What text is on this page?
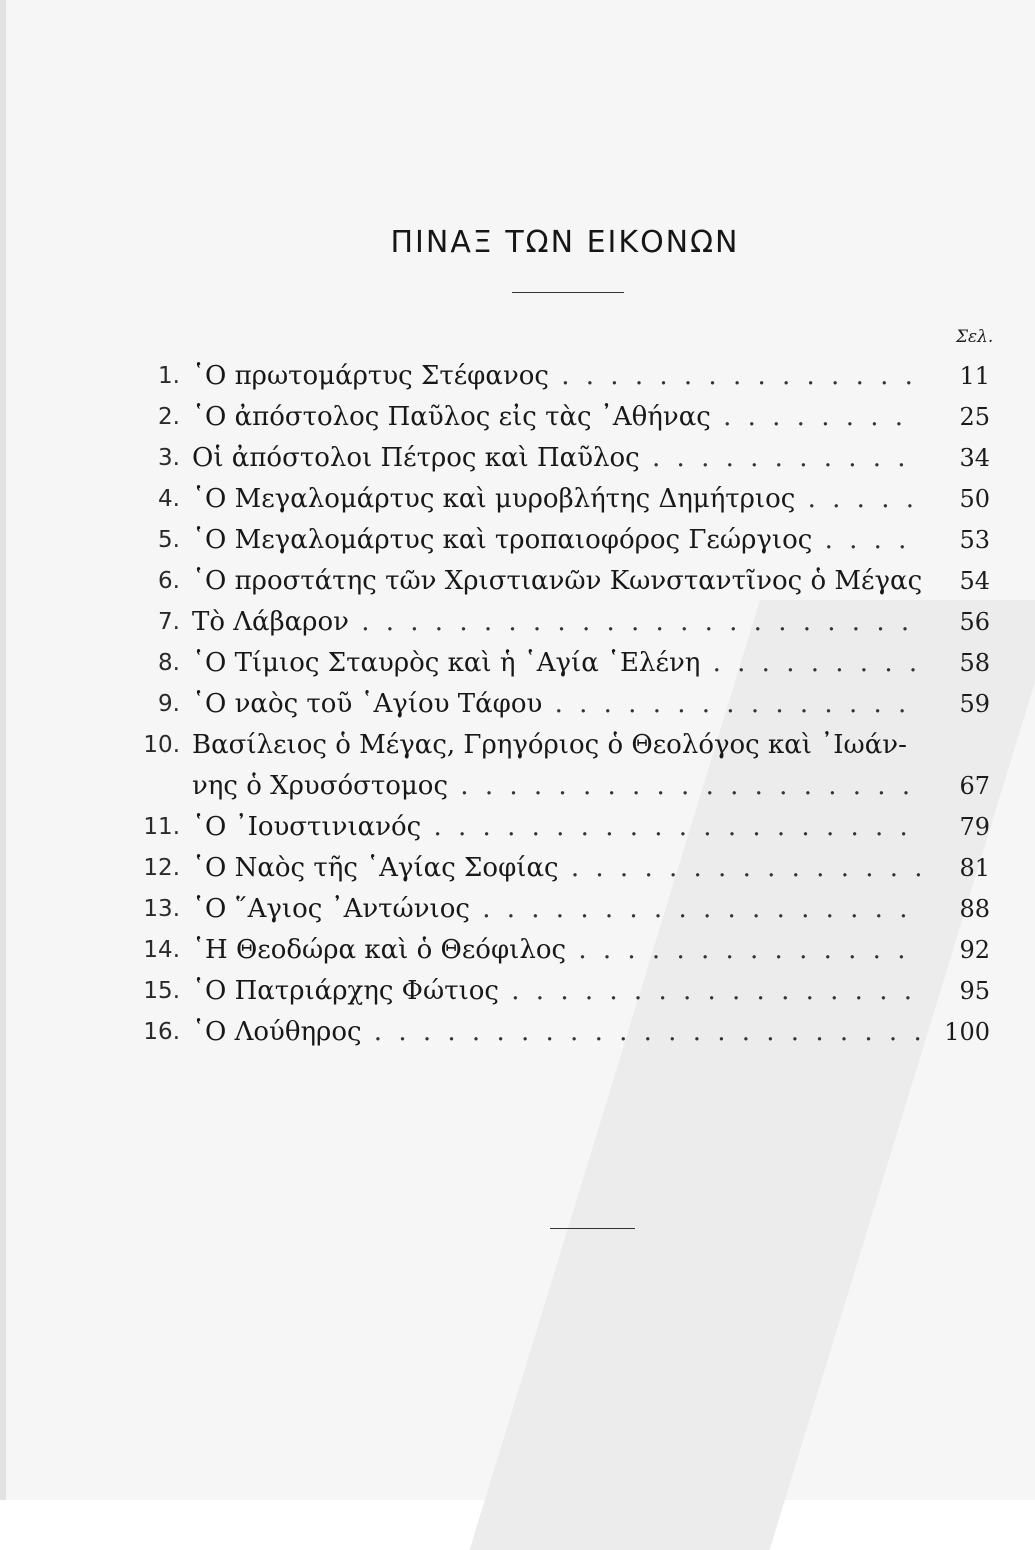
ΠΙΝΑΞ ΤΩΝ ΕΙΚΟΝΩΝ
Σελ.
1. ῾Ο πρωτομάρτυς Στέφανος . . .	11
2. ῾Ο ἀπόστολος Παῦλος εἰς τὰς ᾿Αθήνας . . .	25
3. Οἱ ἀπόστολοι Πέτρος καὶ Παῦλος . . .	34
4. ῾Ο Μεγαλομάρτυς καὶ μυροβλήτης Δημήτριος . . .	50
5. ῾Ο Μεγαλομάρτυς καὶ τροπαιοφόρος Γεώργιος . . .	53
6. ῾Ο προστάτης τῶν Χριστιανῶν Κωνσταντῖνος ὁ Μέγας . . .	54
7. Τὸ Λάβαρον . . .	56
8. ῾Ο Τίμιος Σταυρὸς καὶ ἡ ῾Αγία ῾Ελένη . . .	58
9. ῾Ο ναὸς τοῦ ῾Αγίου Τάφου . . .	59
10. Βασίλειος ὁ Μέγας, Γρηγόριος ὁ Θεολόγος καὶ ᾿Ιωάν-
νης ὁ Χρυσόστομος . . .	67
11. ῾Ο ᾿Ιουστινιανός . . .	79
12. ῾Ο Ναὸς τῆς ῾Αγίας Σοφίας . . .	81
13. ῾Ο ῞Αγιος ᾿Αντώνιος . . .	88
14. ῾Η Θεοδώρα καὶ ὁ Θεόφιλος . . .	92
15. ῾Ο Πατριάρχης Φώτιος . . .	95
16. ῾Ο Λούθηρος . . .	100
